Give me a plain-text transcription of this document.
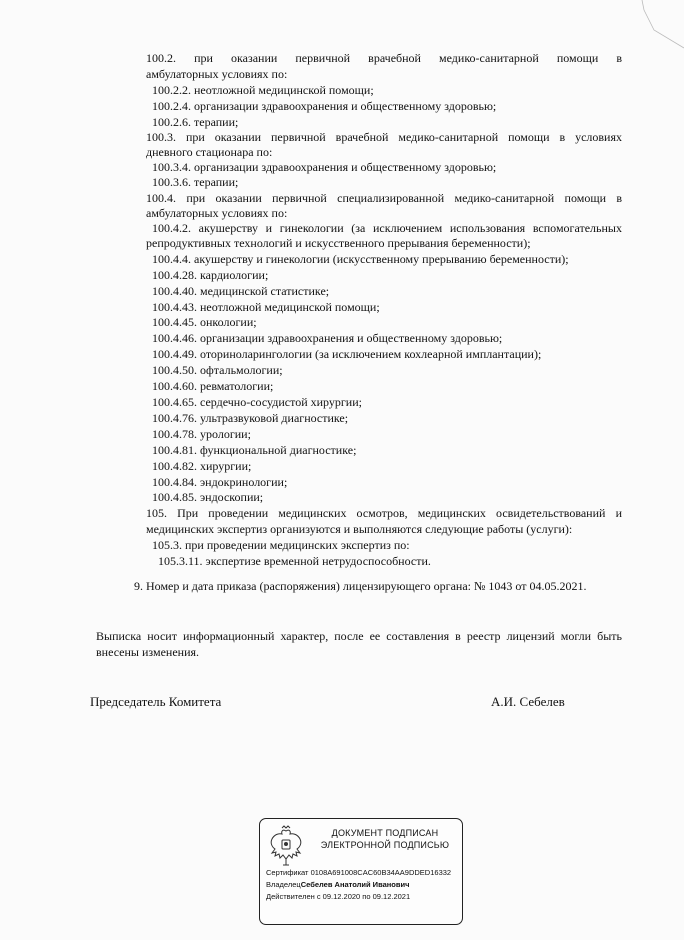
100.2. при оказании первичной врачебной медико-санитарной помощи в
амбулаторных условиях по:
100.2.2. неотложной медицинской помощи;
100.2.4. организации здравоохранения и общественному здоровью;
100.2.6. терапии;
100.3. при оказании первичной врачебной медико-санитарной помощи в условиях
дневного стационара по:
100.3.4. организации здравоохранения и общественному здоровью;
100.3.6. терапии;
100.4. при оказании первичной специализированной медико-санитарной помощи в
амбулаторных условиях по:
100.4.2. акушерству и гинекологии (за исключением использования вспомогательных
репродуктивных технологий и искусственного прерывания беременности);
100.4.4. акушерству и гинекологии (искусственному прерыванию беременности);
100.4.28. кардиологии;
100.4.40. медицинской статистике;
100.4.43. неотложной медицинской помощи;
100.4.45. онкологии;
100.4.46. организации здравоохранения и общественному здоровью;
100.4.49. оториноларингологии (за исключением кохлеарной имплантации);
100.4.50. офтальмологии;
100.4.60. ревматологии;
100.4.65. сердечно-сосудистой хирургии;
100.4.76. ультразвуковой диагностике;
100.4.78. урологии;
100.4.81. функциональной диагностике;
100.4.82. хирургии;
100.4.84. эндокринологии;
100.4.85. эндоскопии;
105. При проведении медицинских осмотров, медицинских освидетельствований и
медицинских экспертиз организуются и выполняются следующие работы (услуги):
105.3. при проведении медицинских экспертиз по:
105.3.11. экспертизе временной нетрудоспособности.
9. Номер и дата приказа (распоряжения) лицензирующего органа: № 1043 от 04.05.2021.
Выписка носит информационный характер, после ее составления в реестр лицензий могли быть
внесены изменения.
Председатель Комитета	А.И. Себелев
ДОКУМЕНТ ПОДПИСАН
ЭЛЕКТРОННОЙ ПОДПИСЬЮ
Сертификат 0108A691008CAC60B34AA9DDED16332
ВладелецСебелев Анатолий Иванович
Действителен с 09.12.2020 по 09.12.2021
